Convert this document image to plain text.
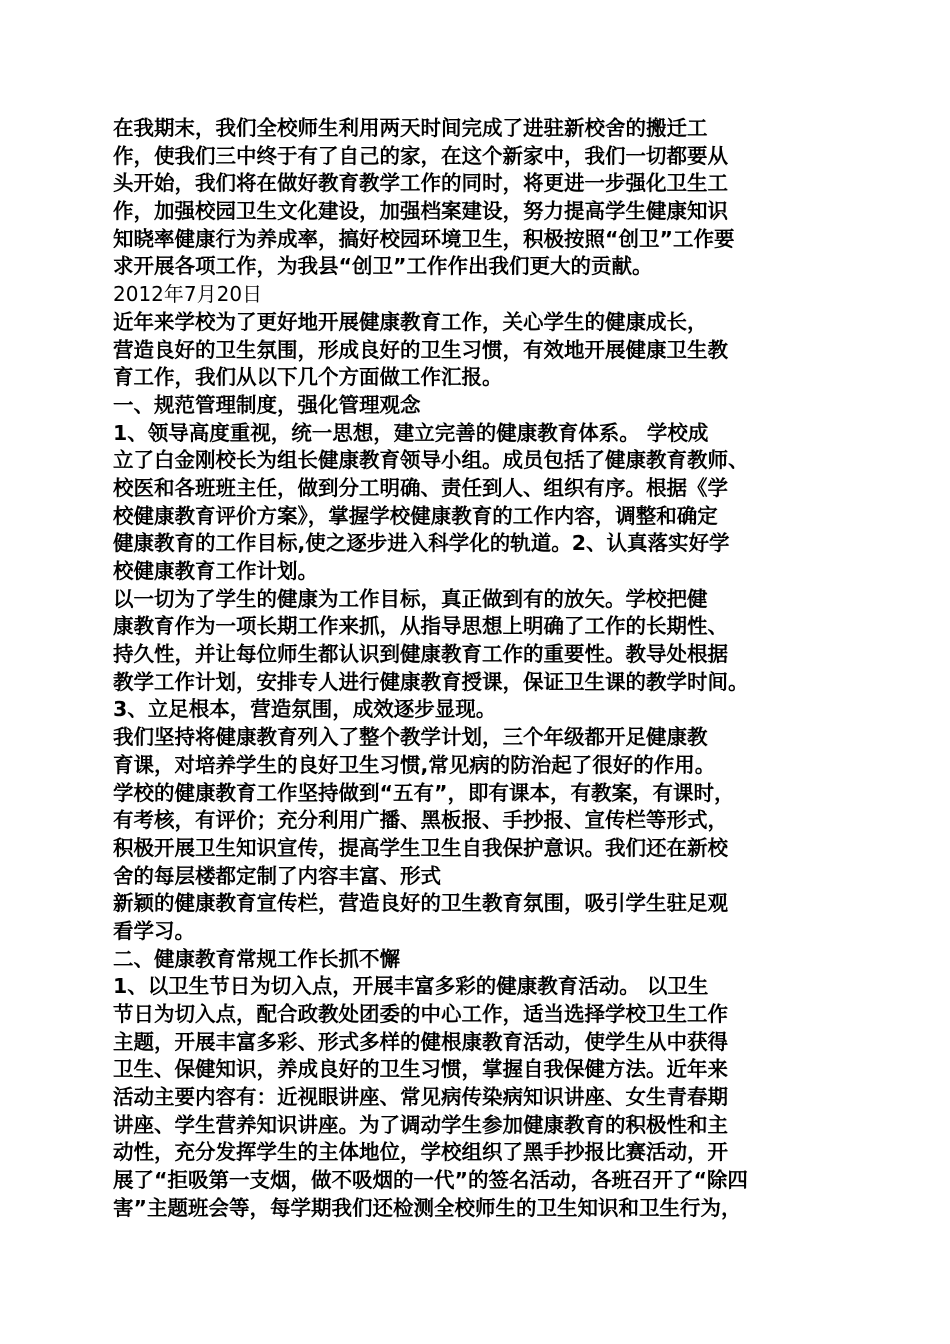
在我期末，我们全校师生利用两天时间完成了进驻新校舍的搬迁工
作，使我们三中终于有了自己的家，在这个新家中，我们一切都要从
头开始，我们将在做好教育教学工作的同时，将更进一步强化卫生工
作，加强校园卫生文化建设，加强档案建设，努力提高学生健康知识
知晓率健康行为养成率，搞好校园环境卫生，积极按照“创卫”工作要
求开展各项工作，为我县“创卫”工作作出我们更大的贡献。
2012年7月20日
近年来学校为了更好地开展健康教育工作，关心学生的健康成长，
营造良好的卫生氛围，形成良好的卫生习惯，有效地开展健康卫生教
育工作，我们从以下几个方面做工作汇报。
一、规范管理制度，强化管理观念
1、领导高度重视，统一思想，建立完善的健康教育体系。 学校成
立了白金刚校长为组长健康教育领导小组。成员包括了健康教育教师、
校医和各班班主任，做到分工明确、责任到人、组织有序。根据《学
校健康教育评价方案》，掌握学校健康教育的工作内容，调整和确定
健康教育的工作目标,使之逐步进入科学化的轨道。2、认真落实好学
校健康教育工作计划。
以一切为了学生的健康为工作目标，真正做到有的放矢。学校把健
康教育作为一项长期工作来抓，从指导思想上明确了工作的长期性、
持久性，并让每位师生都认识到健康教育工作的重要性。教导处根据
教学工作计划，安排专人进行健康教育授课，保证卫生课的教学时间。
3、立足根本，营造氛围，成效逐步显现。
我们坚持将健康教育列入了整个教学计划，三个年级都开足健康教
育课，对培养学生的良好卫生习惯,常见病的防治起了很好的作用。
学校的健康教育工作坚持做到“五有”，即有课本，有教案，有课时，
有考核，有评价；充分利用广播、黑板报、手抄报、宣传栏等形式，
积极开展卫生知识宣传，提高学生卫生自我保护意识。我们还在新校
舍的每层楼都定制了内容丰富、形式
新颖的健康教育宣传栏，营造良好的卫生教育氛围，吸引学生驻足观
看学习。
二、健康教育常规工作长抓不懈
1、以卫生节日为切入点，开展丰富多彩的健康教育活动。 以卫生
节日为切入点，配合政教处团委的中心工作，适当选择学校卫生工作
主题，开展丰富多彩、形式多样的健根康教育活动，使学生从中获得
卫生、保健知识，养成良好的卫生习惯，掌握自我保健方法。近年来
活动主要内容有：近视眼讲座、常见病传染病知识讲座、女生青春期
讲座、学生营养知识讲座。为了调动学生参加健康教育的积极性和主
动性，充分发挥学生的主体地位，学校组织了黑手抄报比赛活动，开
展了“拒吸第一支烟，做不吸烟的一代”的签名活动，各班召开了“除四
害”主题班会等，每学期我们还检测全校师生的卫生知识和卫生行为，
